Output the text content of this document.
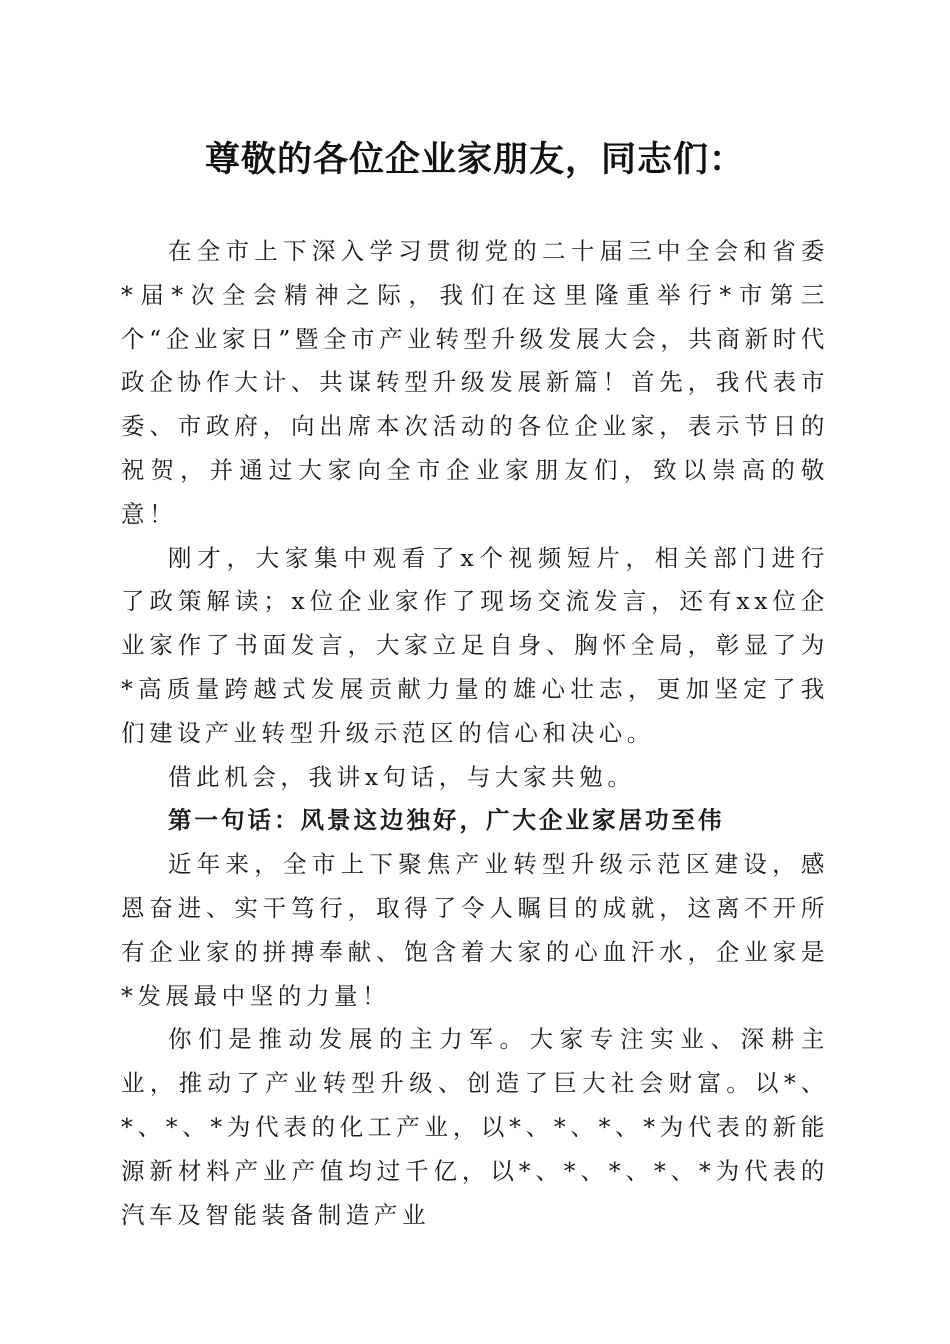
尊敬的各位企业家朋友，同志们：

在全市上下深入学习贯彻党的二十届三中全会和省委*届*次全会精神之际，我们在这里隆重举行*市第三个“企业家日”暨全市产业转型升级发展大会，共商新时代政企协作大计、共谋转型升级发展新篇！首先，我代表市委、市政府，向出席本次活动的各位企业家，表示节日的祝贺，并通过大家向全市企业家朋友们，致以崇高的敬意！

刚才，大家集中观看了x个视频短片，相关部门进行了政策解读；x位企业家作了现场交流发言，还有xx位企业家作了书面发言，大家立足自身、胸怀全局，彰显了为*高质量跨越式发展贡献力量的雄心壮志，更加坚定了我们建设产业转型升级示范区的信心和决心。

借此机会，我讲x句话，与大家共勉。

第一句话：风景这边独好，广大企业家居功至伟

近年来，全市上下聚焦产业转型升级示范区建设，感恩奋进、实干笃行，取得了令人瞩目的成就，这离不开所有企业家的拼搏奉献、饱含着大家的心血汗水，企业家是*发展最中坚的力量！

你们是推动发展的主力军。大家专注实业、深耕主业，推动了产业转型升级、创造了巨大社会财富。以*、*、*、*为代表的化工产业，以*、*、*、*为代表的新能源新材料产业产值均过千亿，以*、*、*、*、*为代表的汽车及智能装备制造产业
